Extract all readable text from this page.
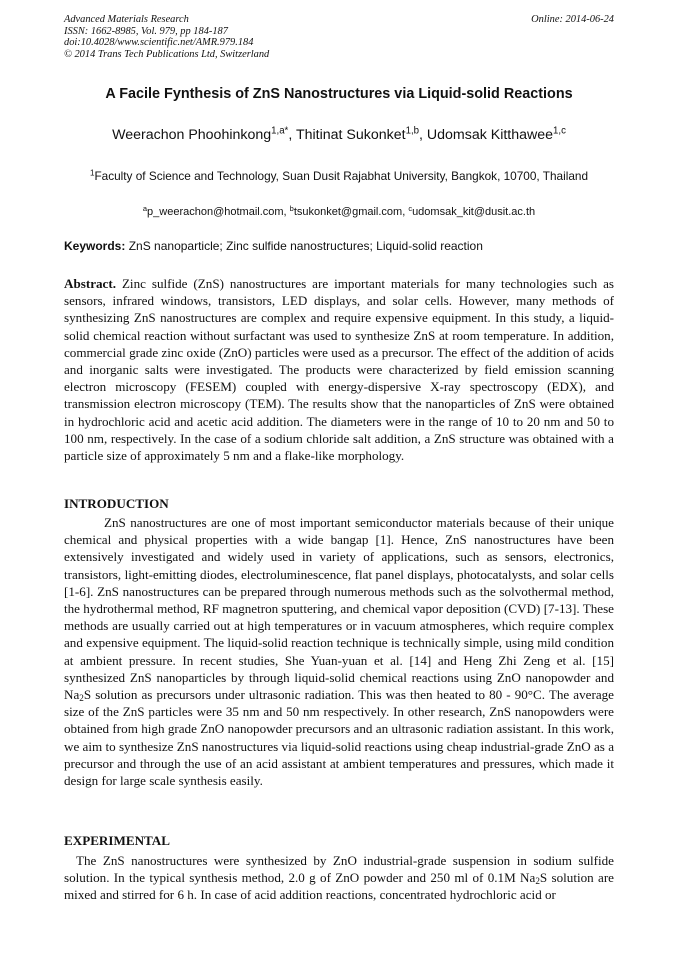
Advanced Materials Research
ISSN: 1662-8985, Vol. 979, pp 184-187
doi:10.4028/www.scientific.net/AMR.979.184
© 2014 Trans Tech Publications Ltd, Switzerland
Online: 2014-06-24
A Facile Fynthesis of ZnS Nanostructures via Liquid-solid Reactions
Weerachon Phoohinkong$^{1,a*}$, Thitinat Sukonket$^{1,b}$, Udomsak Kitthawee$^{1,c}$
$^1$Faculty of Science and Technology, Suan Dusit Rajabhat University, Bangkok, 10700, Thailand
$^a$p_weerachon@hotmail.com, $^b$tsukonket@gmail.com, $^c$udomsak_kit@dusit.ac.th
Keywords: ZnS nanoparticle; Zinc sulfide nanostructures; Liquid-solid reaction
Abstract. Zinc sulfide (ZnS) nanostructures are important materials for many technologies such as sensors, infrared windows, transistors, LED displays, and solar cells. However, many methods of synthesizing ZnS nanostructures are complex and require expensive equipment. In this study, a liquid-solid chemical reaction without surfactant was used to synthesize ZnS at room temperature. In addition, commercial grade zinc oxide (ZnO) particles were used as a precursor. The effect of the addition of acids and inorganic salts were investigated. The products were characterized by field emission scanning electron microscopy (FESEM) coupled with energy-dispersive X-ray spectroscopy (EDX), and transmission electron microscopy (TEM). The results show that the nanoparticles of ZnS were obtained in hydrochloric acid and acetic acid addition. The diameters were in the range of 10 to 20 nm and 50 to 100 nm, respectively. In the case of a sodium chloride salt addition, a ZnS structure was obtained with a particle size of approximately 5 nm and a flake-like morphology.
INTRODUCTION
ZnS nanostructures are one of most important semiconductor materials because of their unique chemical and physical properties with a wide bangap [1]. Hence, ZnS nanostructures have been extensively investigated and widely used in variety of applications, such as sensors, electronics, transistors, light-emitting diodes, electroluminescence, flat panel displays, photocatalysts, and solar cells [1-6]. ZnS nanostructures can be prepared through numerous methods such as the solvothermal method, the hydrothermal method, RF magnetron sputtering, and chemical vapor deposition (CVD) [7-13]. These methods are usually carried out at high temperatures or in vacuum atmospheres, which require complex and expensive equipment. The liquid-solid reaction technique is technically simple, using mild condition at ambient pressure. In recent studies, She Yuan-yuan et al. [14] and Heng Zhi Zeng et al. [15] synthesized ZnS nanoparticles by through liquid-solid chemical reactions using ZnO nanopowder and $Na_2S$ solution as precursors under ultrasonic radiation. This was then heated to 80 - 90°C. The average size of the ZnS particles were 35 nm and 50 nm respectively. In other research, ZnS nanopowders were obtained from high grade ZnO nanopowder precursors and an ultrasonic radiation assistant. In this work, we aim to synthesize ZnS nanostructures via liquid-solid reactions using cheap industrial-grade ZnO as a precursor and through the use of an acid assistant at ambient temperatures and pressures, which made it design for large scale synthesis easily.
EXPERIMENTAL
The ZnS nanostructures were synthesized by ZnO industrial-grade suspension in sodium sulfide solution. In the typical synthesis method, 2.0 g of ZnO powder and 250 ml of 0.1M $Na_2S$ solution are mixed and stirred for 6 h. In case of acid addition reactions, concentrated hydrochloric acid or
